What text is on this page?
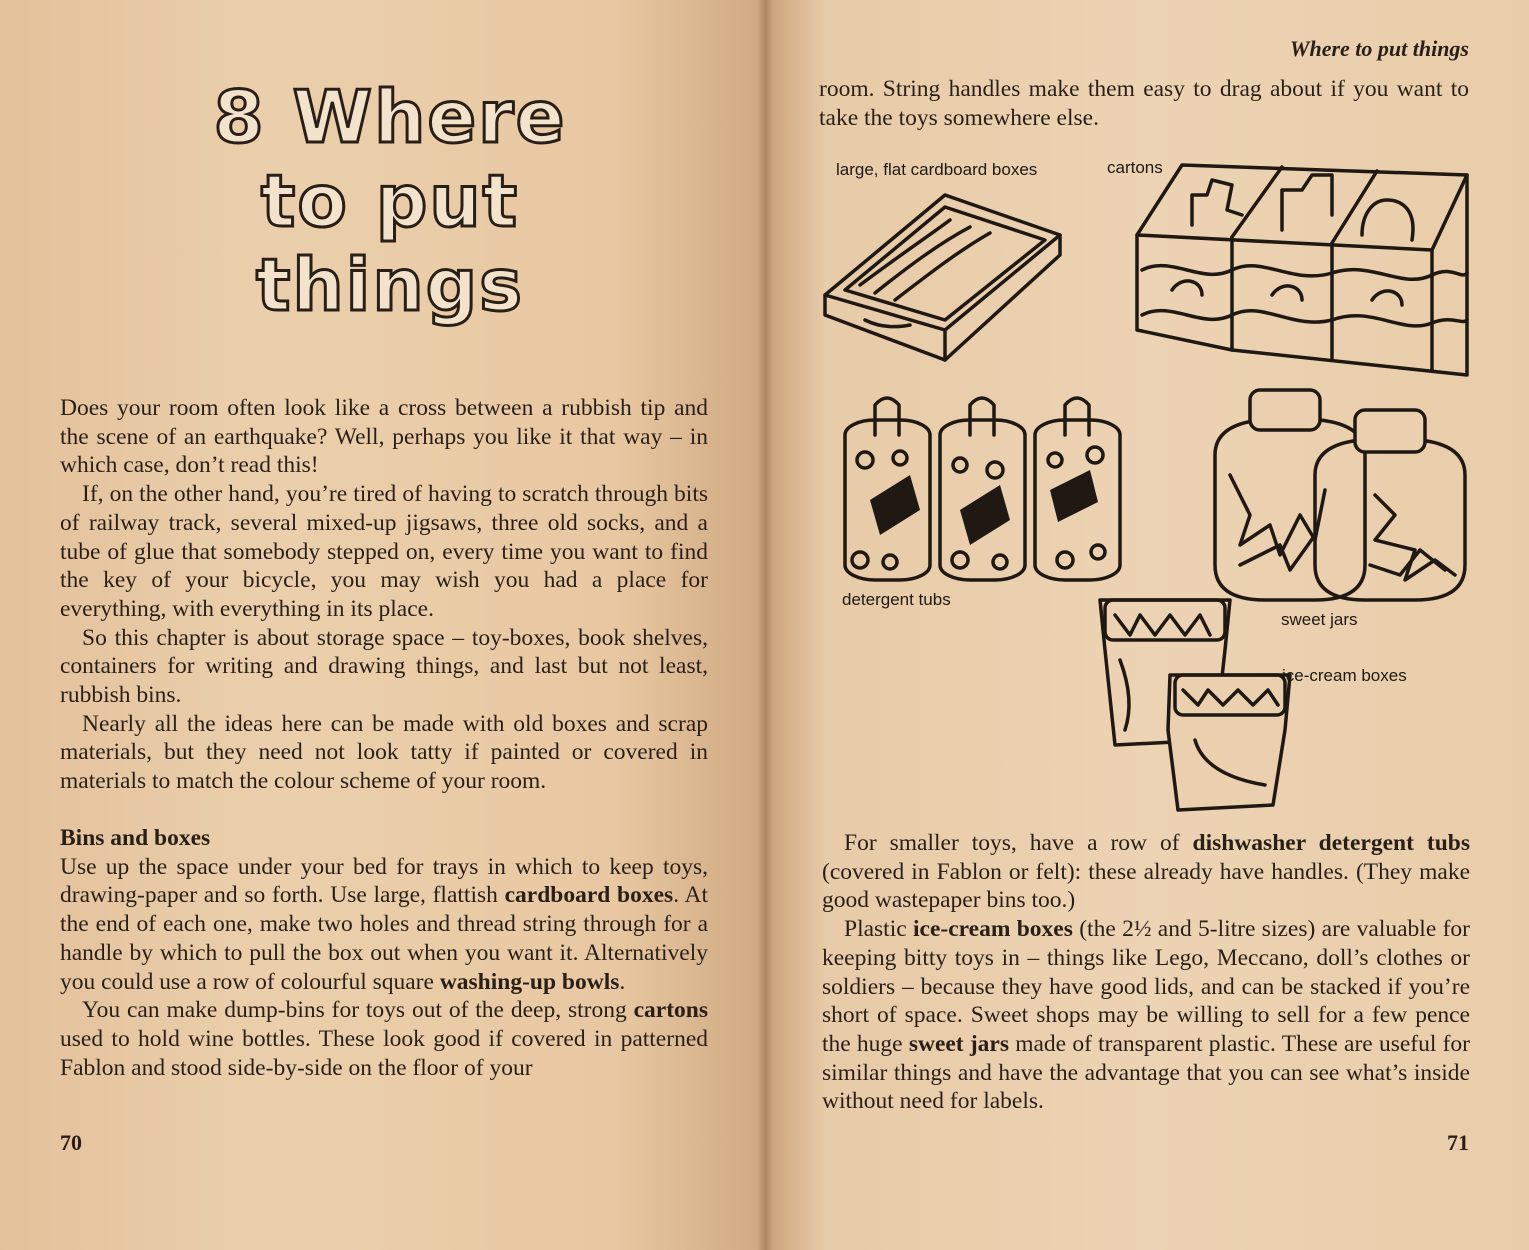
8 Where
to put things

Does your room often look like a cross between a rubbish tip and the scene of an earthquake? Well, perhaps you like it that way – in which case, don’t read this!

If, on the other hand, you’re tired of having to scratch through bits of railway track, several mixed-up jigsaws, three old socks, and a tube of glue that somebody stepped on, every time you want to find the key of your bicycle, you may wish you had a place for everything, with everything in its place.

So this chapter is about storage space – toy-boxes, book shelves, containers for writing and drawing things, and last but not least, rubbish bins.

Nearly all the ideas here can be made with old boxes and scrap materials, but they need not look tatty if painted or covered in materials to match the colour scheme of your room.

Bins and boxes

Use up the space under your bed for trays in which to keep toys, drawing-paper and so forth. Use large, flattish cardboard boxes. At the end of each one, make two holes and thread string through for a handle by which to pull the box out when you want it. Alternatively you could use a row of colourful square washing-up bowls.

You can make dump-bins for toys out of the deep, strong cartons used to hold wine bottles. These look good if covered in patterned Fablon and stood side-by-side on the floor of your

70
Where to put things
room. String handles make them easy to drag about if you want to take the toys somewhere else.
large, flat cardboard boxes	cartons
detergent tubs
sweet jars
ice-cream boxes

For smaller toys, have a row of dishwasher detergent tubs (covered in Fablon or felt): these already have handles. (They make good wastepaper bins too.)

Plastic ice-cream boxes (the 2½ and 5-litre sizes) are valuable for keeping bitty toys in – things like Lego, Meccano, doll’s clothes or soldiers – because they have good lids, and can be stacked if you’re short of space. Sweet shops may be willing to sell for a few pence the huge sweet jars made of transparent plastic. These are useful for similar things and have the advantage that you can see what’s inside without need for labels.

71
